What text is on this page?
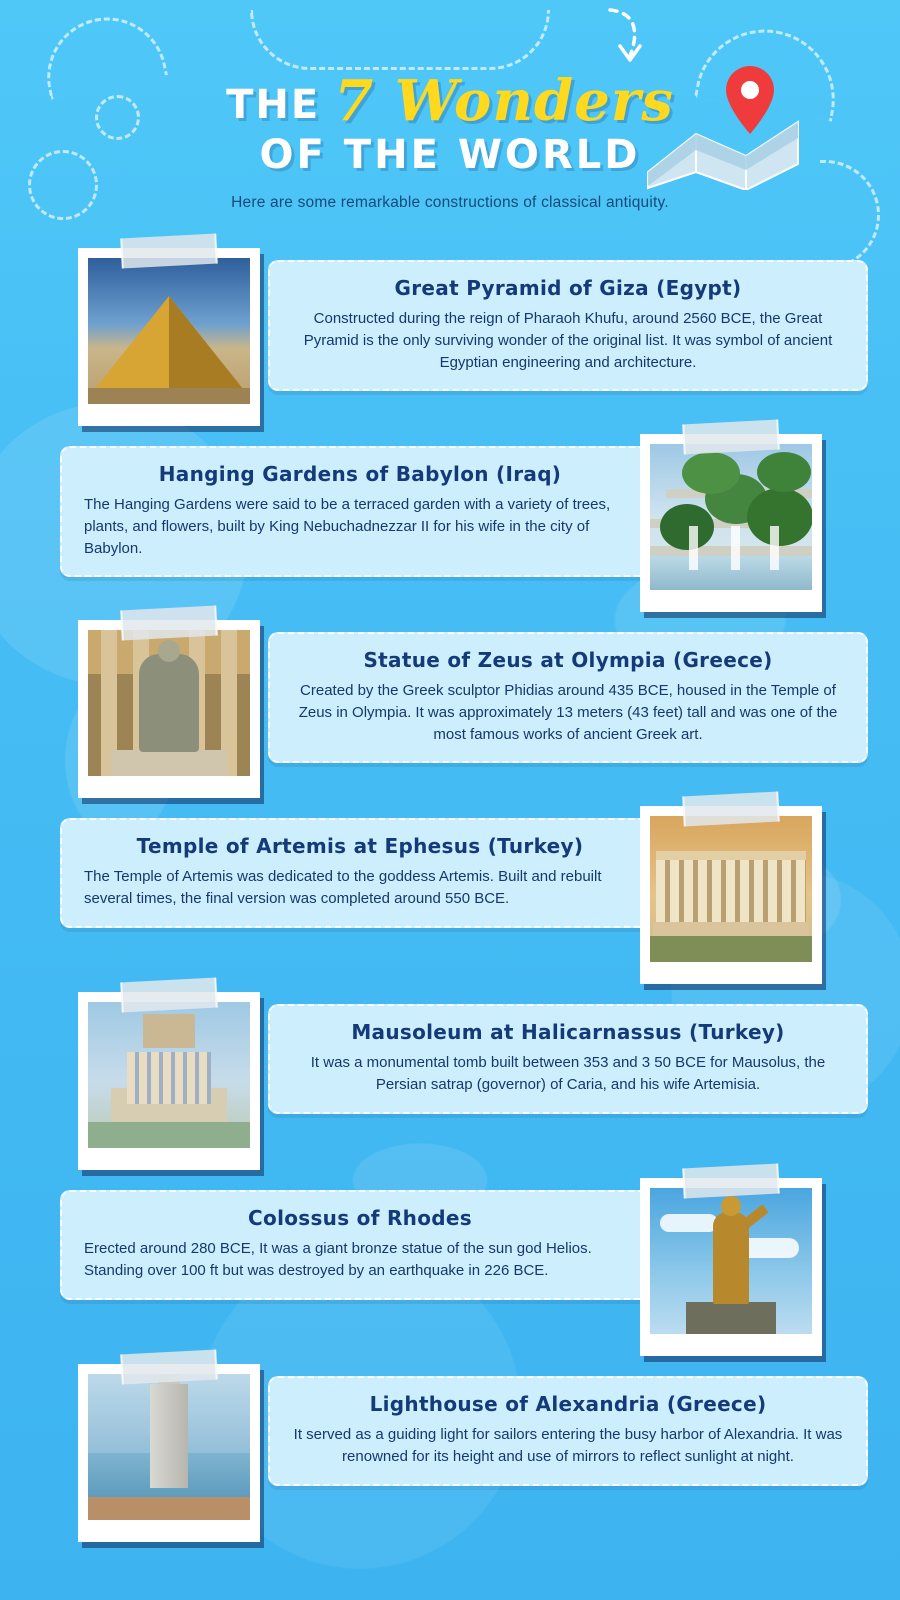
THE 7 Wonders
OF THE WORLD
Here are some remarkable constructions of classical antiquity.
Great Pyramid of Giza (Egypt)

Constructed during the reign of Pharaoh Khufu, around 2560 BCE, the Great Pyramid is the only surviving wonder of the original list. It was symbol of ancient Egyptian engineering and architecture.

Hanging Gardens of Babylon (Iraq)

The Hanging Gardens were said to be a terraced garden with a variety of trees, plants, and flowers, built by King Nebuchadnezzar II for his wife in the city of Babylon.

Statue of Zeus at Olympia (Greece)

Created by the Greek sculptor Phidias around 435 BCE, housed in the Temple of Zeus in Olympia. It was approximately 13 meters (43 feet) tall and was one of the most famous works of ancient Greek art.

Temple of Artemis at Ephesus (Turkey)

The Temple of Artemis was dedicated to the goddess Artemis. Built and rebuilt several times, the final version was completed around 550 BCE.

Mausoleum at Halicarnassus (Turkey)

It was a monumental tomb built between 353 and 3 50 BCE for Mausolus, the Persian satrap (governor) of Caria, and his wife Artemisia.

Colossus of Rhodes

Erected around 280 BCE, It was a giant bronze statue of the sun god Helios. Standing over 100 ft but was destroyed by an earthquake in 226 BCE.

Lighthouse of Alexandria (Greece)

It served as a guiding light for sailors entering the busy harbor of Alexandria. It was renowned for its height and use of mirrors to reflect sunlight at night.
